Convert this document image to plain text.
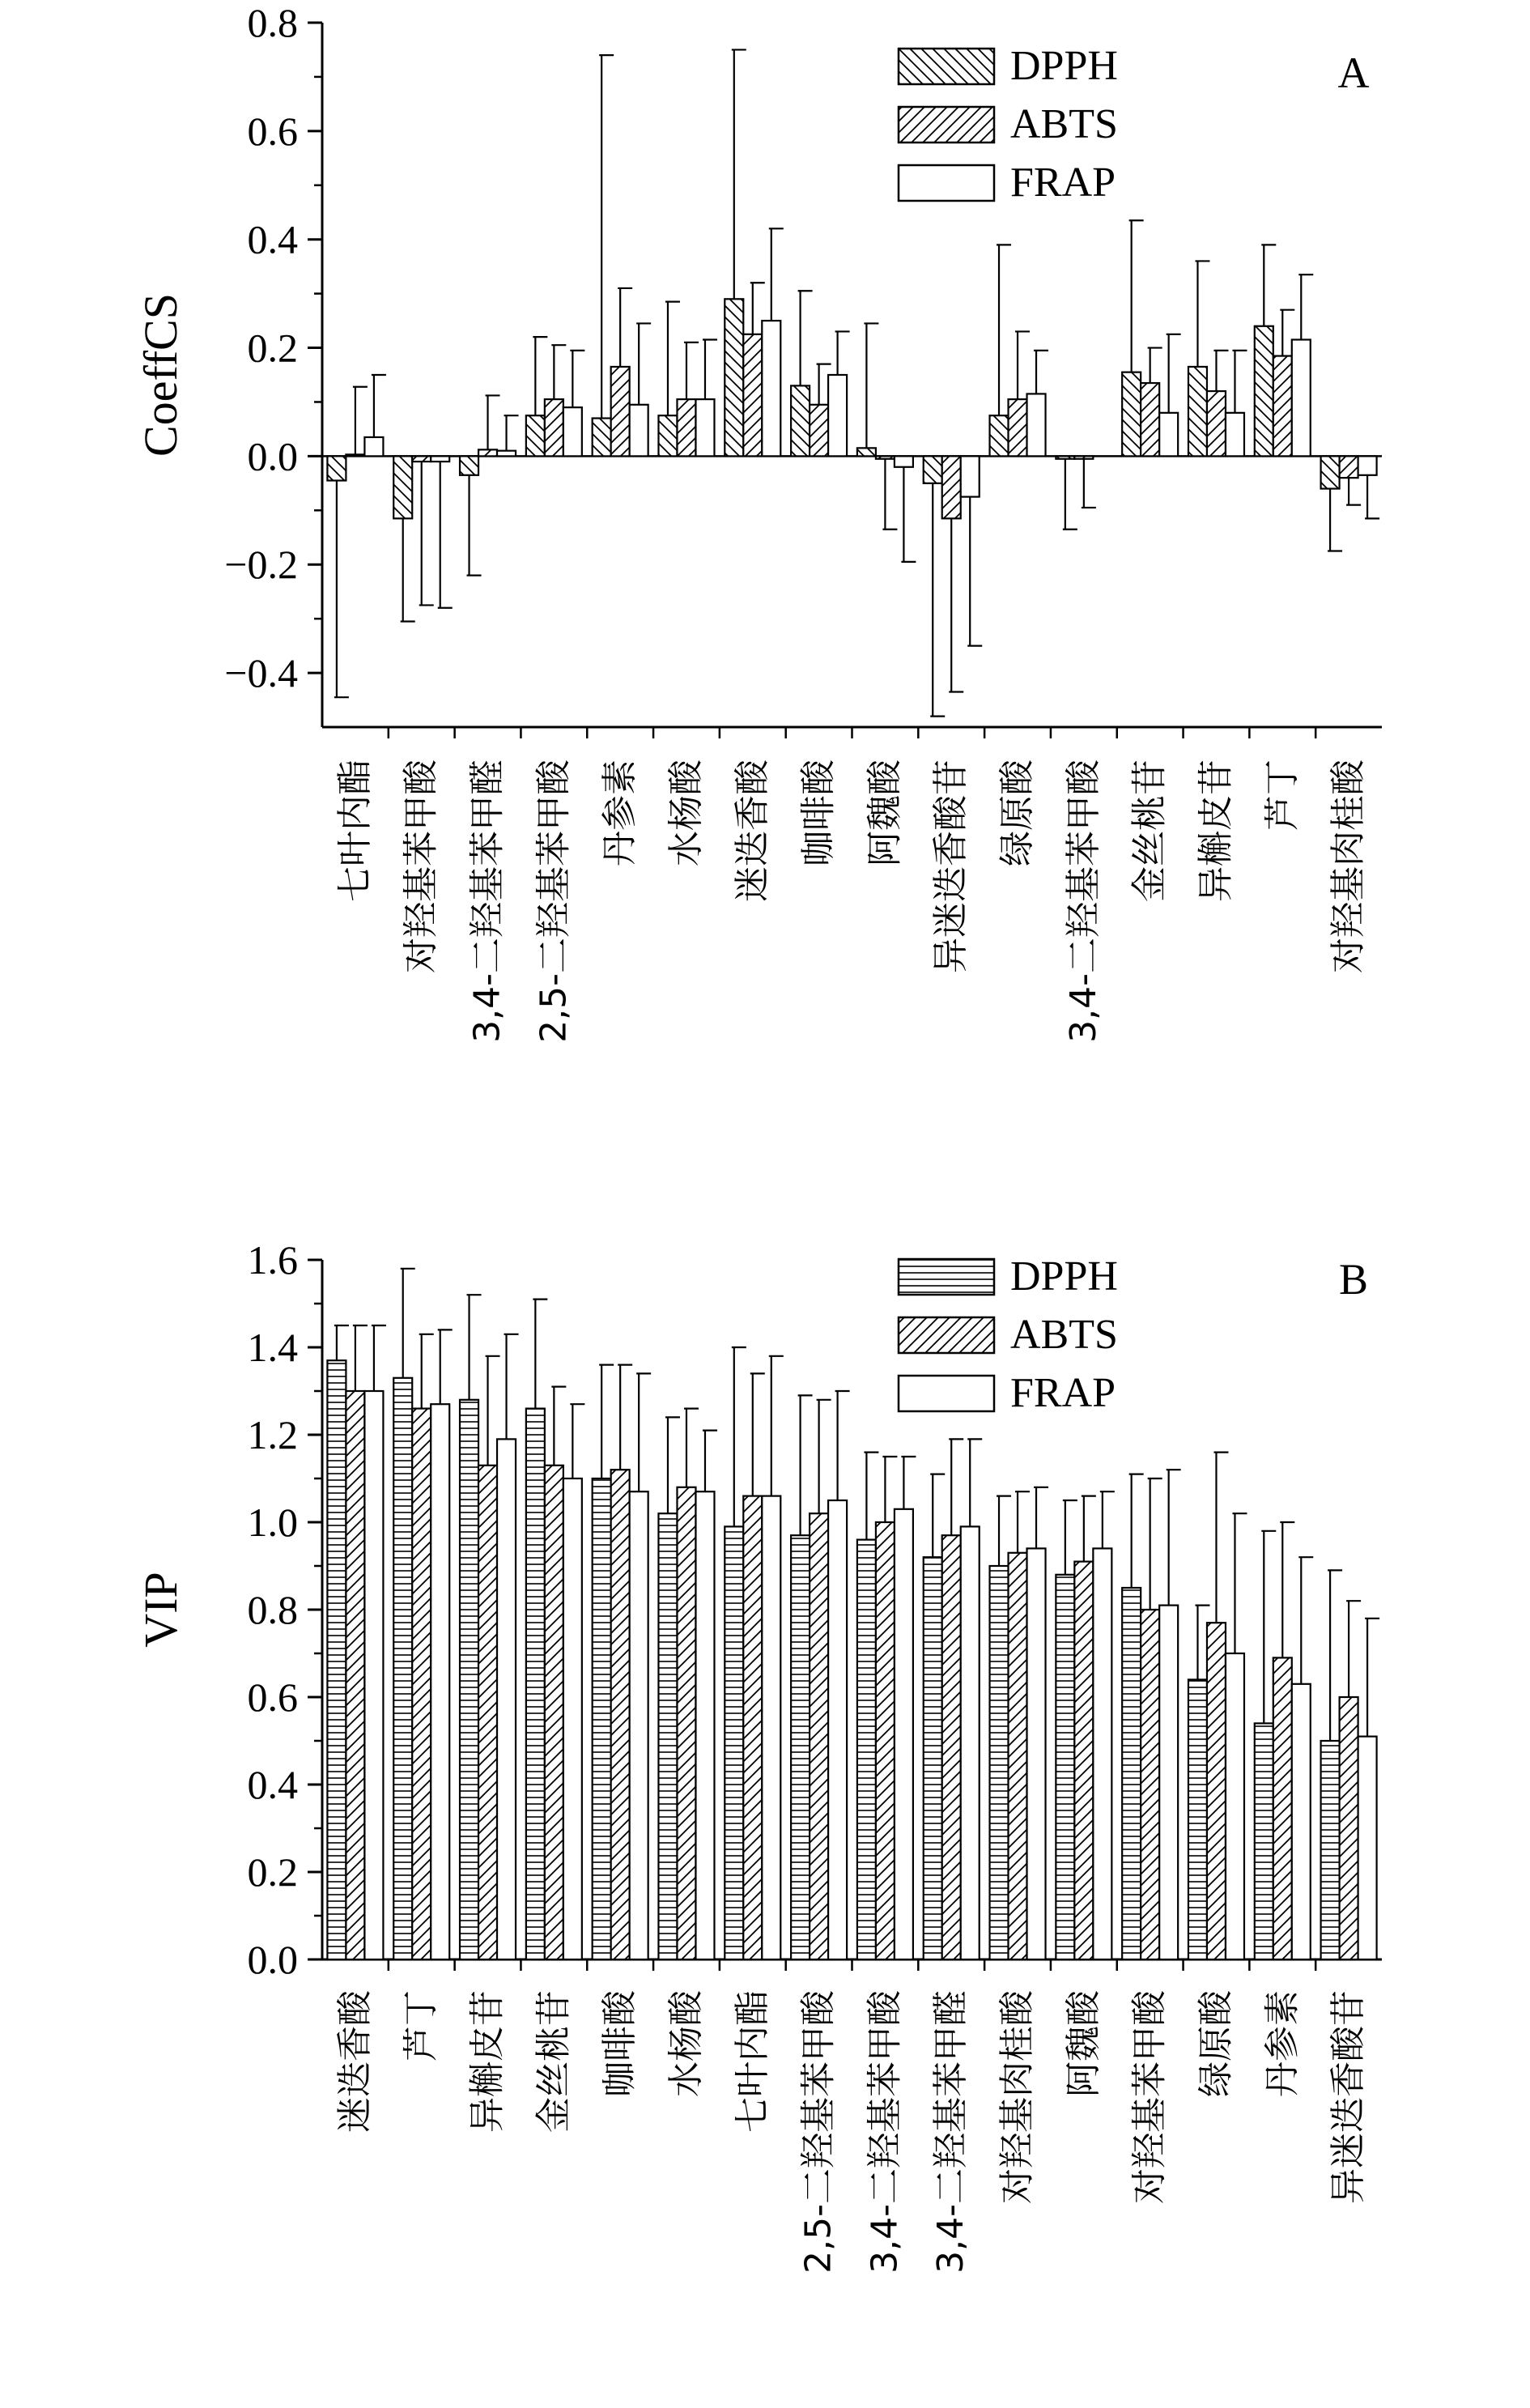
−0.4
−0.2
0.0
0.2
0.4
0.6
0.8
CoeffCS
七叶内酯 对羟基苯甲酸 3,4-二羟基苯甲醛 2,5-二羟基苯甲酸 丹参素 水杨酸 迷迭香酸 咖啡酸 阿魏酸 异迷迭香酸苷 绿原酸 3,4-二羟基苯甲酸 金丝桃苷 异槲皮苷 芦丁 对羟基肉桂酸
A
DPPH
ABTS
FRAP
0.0
0.2
0.4
0.6
0.8
1.0
1.2
1.4
1.6
VIP
迷迭香酸 芦丁 异槲皮苷 金丝桃苷 咖啡酸 水杨酸 七叶内酯 2,5-二羟基苯甲酸 3,4-二羟基苯甲酸 3,4-二羟基苯甲醛 对羟基肉桂酸 阿魏酸 对羟基苯甲酸 绿原酸 丹参素 异迷迭香酸苷
B
DPPH
ABTS
FRAP
